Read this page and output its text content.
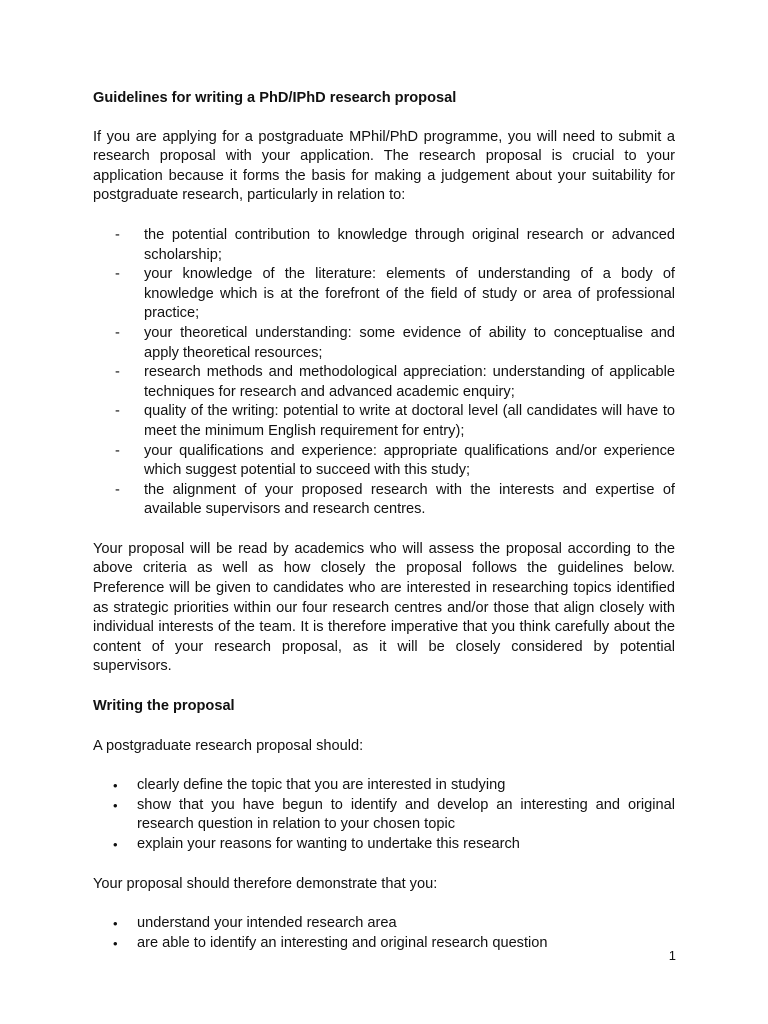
Guidelines for writing a PhD/IPhD research proposal

If you are applying for a postgraduate MPhil/PhD programme, you will need to submit a research proposal with your application. The research proposal is crucial to your application because it forms the basis for making a judgement about your suitability for postgraduate research, particularly in relation to:

- the potential contribution to knowledge through original research or advanced scholarship;
- your knowledge of the literature: elements of understanding of a body of knowledge which is at the forefront of the field of study or area of professional practice;
- your theoretical understanding: some evidence of ability to conceptualise and apply theoretical resources;
- research methods and methodological appreciation: understanding of applicable techniques for research and advanced academic enquiry;
- quality of the writing: potential to write at doctoral level (all candidates will have to meet the minimum English requirement for entry);
- your qualifications and experience: appropriate qualifications and/or experience which suggest potential to succeed with this study;
- the alignment of your proposed research with the interests and expertise of available supervisors and research centres.

Your proposal will be read by academics who will assess the proposal according to the above criteria as well as how closely the proposal follows the guidelines below. Preference will be given to candidates who are interested in researching topics identified as strategic priorities within our four research centres and/or those that align closely with individual interests of the team. It is therefore imperative that you think carefully about the content of your research proposal, as it will be closely considered by potential supervisors.

Writing the proposal

A postgraduate research proposal should:

• clearly define the topic that you are interested in studying
• show that you have begun to identify and develop an interesting and original research question in relation to your chosen topic
• explain your reasons for wanting to undertake this research

Your proposal should therefore demonstrate that you:

• understand your intended research area
• are able to identify an interesting and original research question
1
